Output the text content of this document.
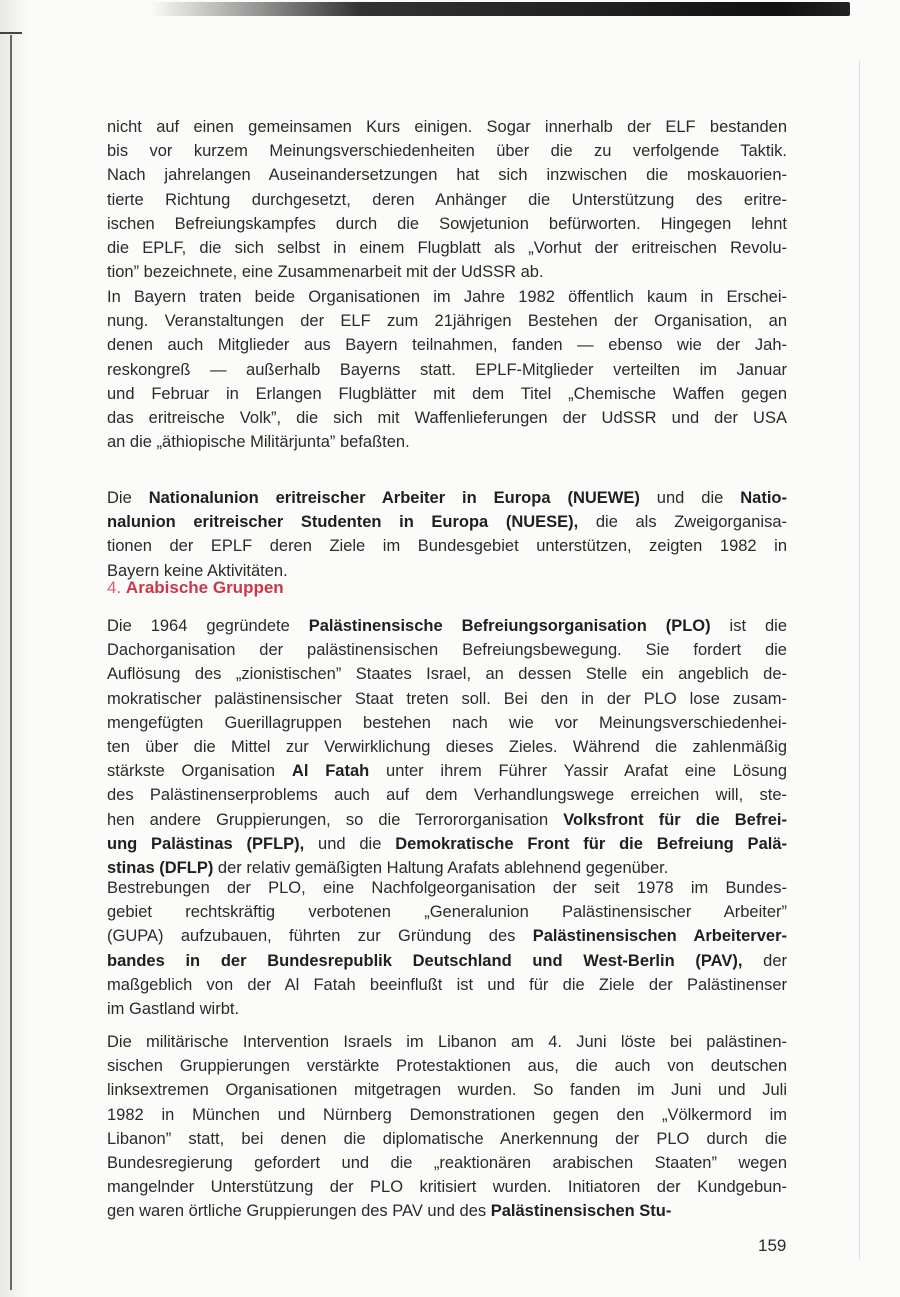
nicht auf einen gemeinsamen Kurs einigen. Sogar innerhalb der ELF bestanden
bis vor kurzem Meinungsverschiedenheiten über die zu verfolgende Taktik.
Nach jahrelangen Auseinandersetzungen hat sich inzwischen die moskauorien-
tierte Richtung durchgesetzt, deren Anhänger die Unterstützung des eritre-
ischen Befreiungskampfes durch die Sowjetunion befürworten. Hingegen lehnt
die EPLF, die sich selbst in einem Flugblatt als „Vorhut der eritreischen Revolu-
tion” bezeichnete, eine Zusammenarbeit mit der UdSSR ab.
In Bayern traten beide Organisationen im Jahre 1982 öffentlich kaum in Erschei-
nung. Veranstaltungen der ELF zum 21jährigen Bestehen der Organisation, an
denen auch Mitglieder aus Bayern teilnahmen, fanden — ebenso wie der Jah-
reskongreß — außerhalb Bayerns statt. EPLF-Mitglieder verteilten im Januar
und Februar in Erlangen Flugblätter mit dem Titel „Chemische Waffen gegen
das eritreische Volk”, die sich mit Waffenlieferungen der UdSSR und der USA
an die „äthiopische Militärjunta” befaßten.
Die Nationalunion eritreischer Arbeiter in Europa (NUEWE) und die Natio-
nalunion eritreischer Studenten in Europa (NUESE), die als Zweigorganisa-
tionen der EPLF deren Ziele im Bundesgebiet unterstützen, zeigten 1982 in
Bayern keine Aktivitäten.
4. Arabische Gruppen
Die 1964 gegründete Palästinensische Befreiungsorganisation (PLO) ist die
Dachorganisation der palästinensischen Befreiungsbewegung. Sie fordert die
Auflösung des „zionistischen” Staates Israel, an dessen Stelle ein angeblich de-
mokratischer palästinensischer Staat treten soll. Bei den in der PLO lose zusam-
mengefügten Guerillagruppen bestehen nach wie vor Meinungsverschiedenhei-
ten über die Mittel zur Verwirklichung dieses Zieles. Während die zahlenmäßig
stärkste Organisation Al Fatah unter ihrem Führer Yassir Arafat eine Lösung
des Palästinenserproblems auch auf dem Verhandlungswege erreichen will, ste-
hen andere Gruppierungen, so die Terrororganisation Volksfront für die Befrei-
ung Palästinas (PFLP), und die Demokratische Front für die Befreiung Palä-
stinas (DFLP) der relativ gemäßigten Haltung Arafats ablehnend gegenüber.
Bestrebungen der PLO, eine Nachfolgeorganisation der seit 1978 im Bundes-
gebiet rechtskräftig verbotenen „Generalunion Palästinensischer Arbeiter”
(GUPA) aufzubauen, führten zur Gründung des Palästinensischen Arbeiterver-
bandes in der Bundesrepublik Deutschland und West-Berlin (PAV), der
maßgeblich von der Al Fatah beeinflußt ist und für die Ziele der Palästinenser
im Gastland wirbt.
Die militärische Intervention Israels im Libanon am 4. Juni löste bei palästinen-
sischen Gruppierungen verstärkte Protestaktionen aus, die auch von deutschen
linksextremen Organisationen mitgetragen wurden. So fanden im Juni und Juli
1982 in München und Nürnberg Demonstrationen gegen den „Völkermord im
Libanon” statt, bei denen die diplomatische Anerkennung der PLO durch die
Bundesregierung gefordert und die „reaktionären arabischen Staaten” wegen
mangelnder Unterstützung der PLO kritisiert wurden. Initiatoren der Kundgebun-
gen waren örtliche Gruppierungen des PAV und des Palästinensischen Stu-
159
